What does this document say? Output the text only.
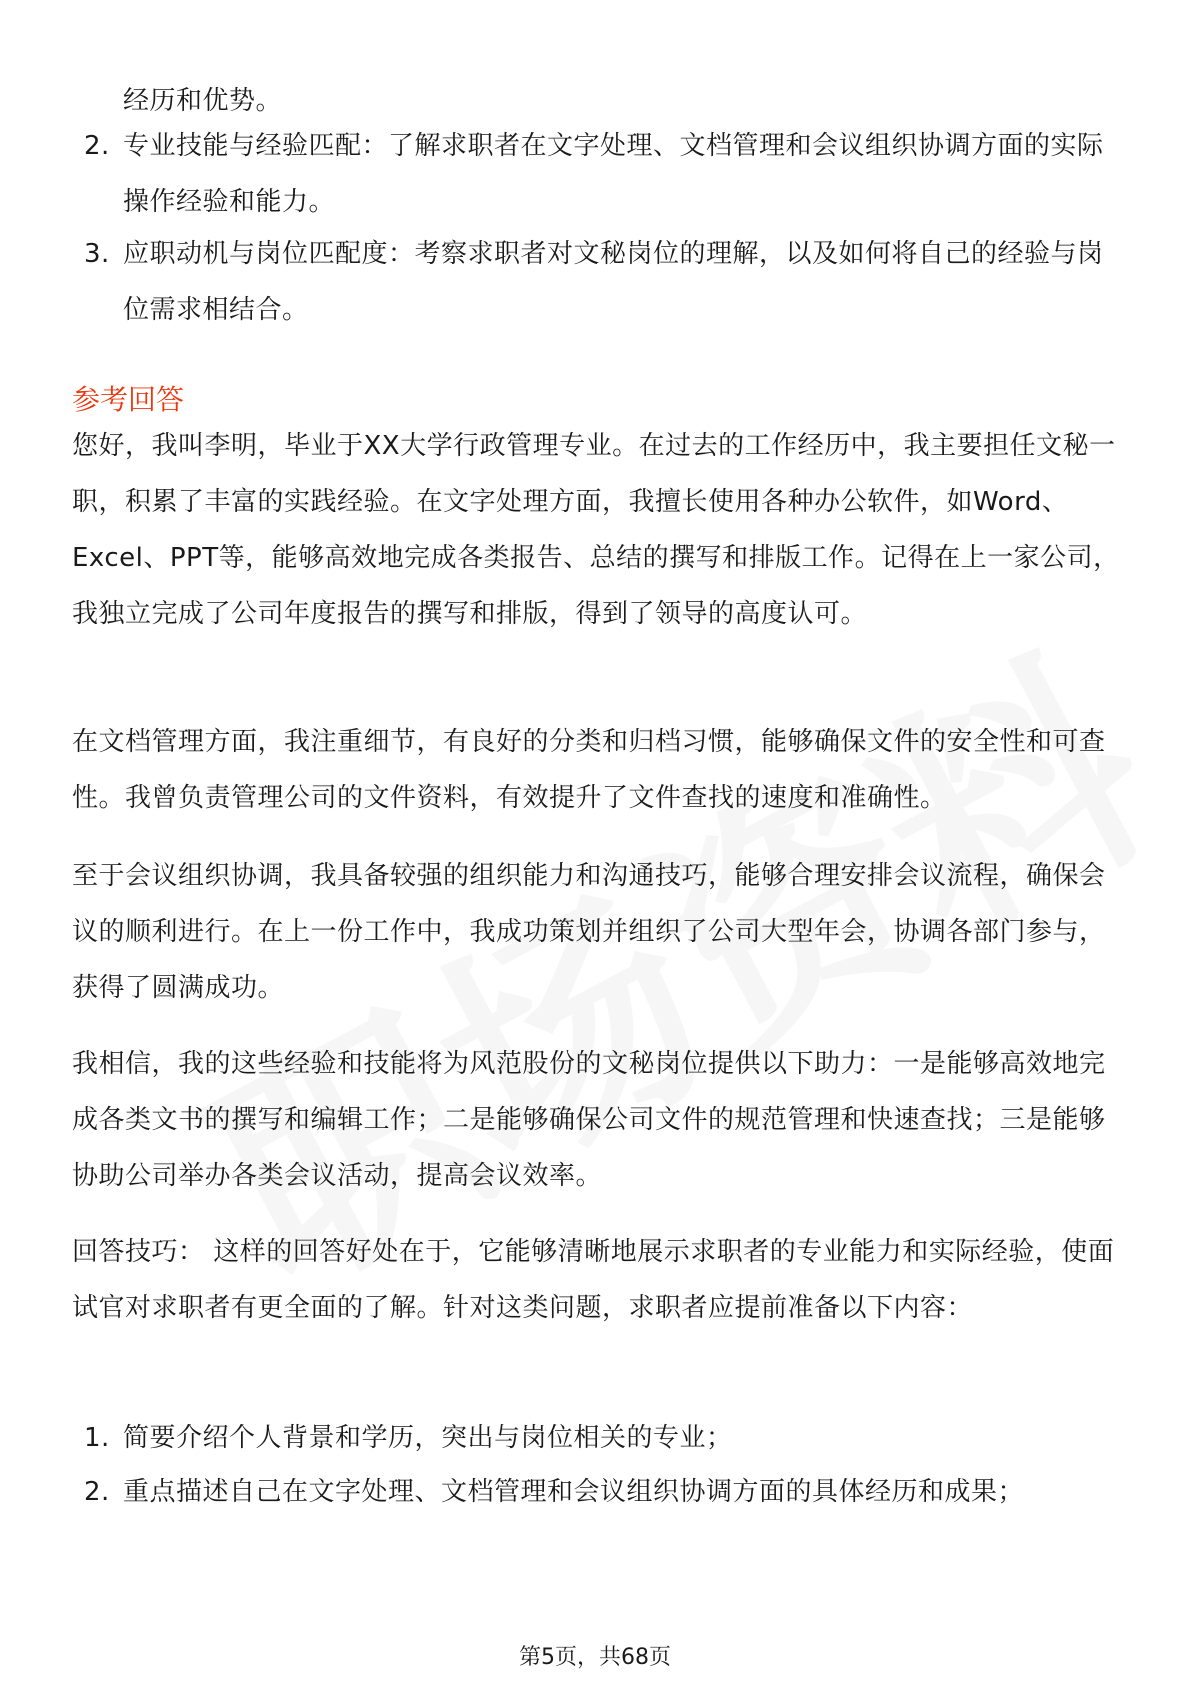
经历和优势。
2. 专业技能与经验匹配：了解求职者在文字处理、文档管理和会议组织协调方面的实际操作经验和能力。
3. 应职动机与岗位匹配度：考察求职者对文秘岗位的理解，以及如何将自己的经验与岗位需求相结合。
参考回答
您好，我叫李明，毕业于XX大学行政管理专业。在过去的工作经历中，我主要担任文秘一职，积累了丰富的实践经验。在文字处理方面，我擅长使用各种办公软件，如Word、Excel、PPT等，能够高效地完成各类报告、总结的撰写和排版工作。记得在上一家公司，我独立完成了公司年度报告的撰写和排版，得到了领导的高度认可。
在文档管理方面，我注重细节，有良好的分类和归档习惯，能够确保文件的安全性和可查性。我曾负责管理公司的文件资料，有效提升了文件查找的速度和准确性。
至于会议组织协调，我具备较强的组织能力和沟通技巧，能够合理安排会议流程，确保会议的顺利进行。在上一份工作中，我成功策划并组织了公司大型年会，协调各部门参与，获得了圆满成功。
我相信，我的这些经验和技能将为风范股份的文秘岗位提供以下助力：一是能够高效地完成各类文书的撰写和编辑工作；二是能够确保公司文件的规范管理和快速查找；三是能够协助公司举办各类会议活动，提高会议效率。
回答技巧： 这样的回答好处在于，它能够清晰地展示求职者的专业能力和实际经验，使面试官对求职者有更全面的了解。针对这类问题，求职者应提前准备以下内容：
1. 简要介绍个人背景和学历，突出与岗位相关的专业；
2. 重点描述自己在文字处理、文档管理和会议组织协调方面的具体经历和成果；
第5页，共68页
